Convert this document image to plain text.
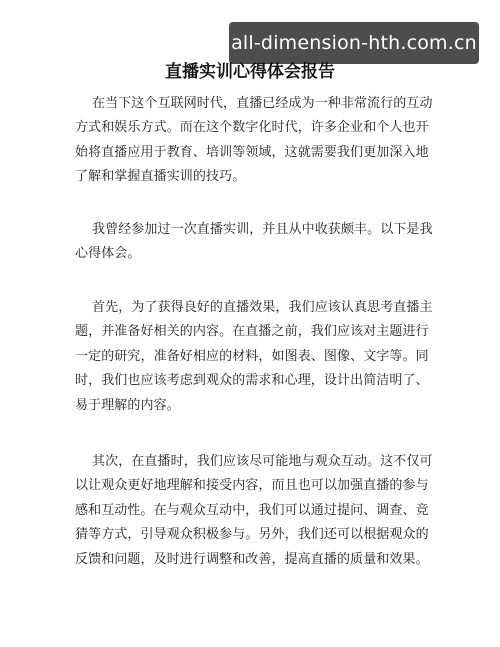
all-dimension-hth.com.cn
直播实训心得体会报告

在当下这个互联网时代，直播已经成为一种非常流行的互动方式和娱乐方式。而在这个数字化时代，许多企业和个人也开始将直播应用于教育、培训等领域，这就需要我们更加深入地了解和掌握直播实训的技巧。

我曾经参加过一次直播实训，并且从中收获颇丰。以下是我心得体会。

首先，为了获得良好的直播效果，我们应该认真思考直播主题，并准备好相关的内容。在直播之前，我们应该对主题进行一定的研究，准备好相应的材料，如图表、图像、文字等。同时，我们也应该考虑到观众的需求和心理，设计出简洁明了、易于理解的内容。

其次，在直播时，我们应该尽可能地与观众互动。这不仅可以让观众更好地理解和接受内容，而且也可以加强直播的参与感和互动性。在与观众互动中，我们可以通过提问、调查、竞猜等方式，引导观众积极参与。另外，我们还可以根据观众的反馈和问题，及时进行调整和改善，提高直播的质量和效果。
